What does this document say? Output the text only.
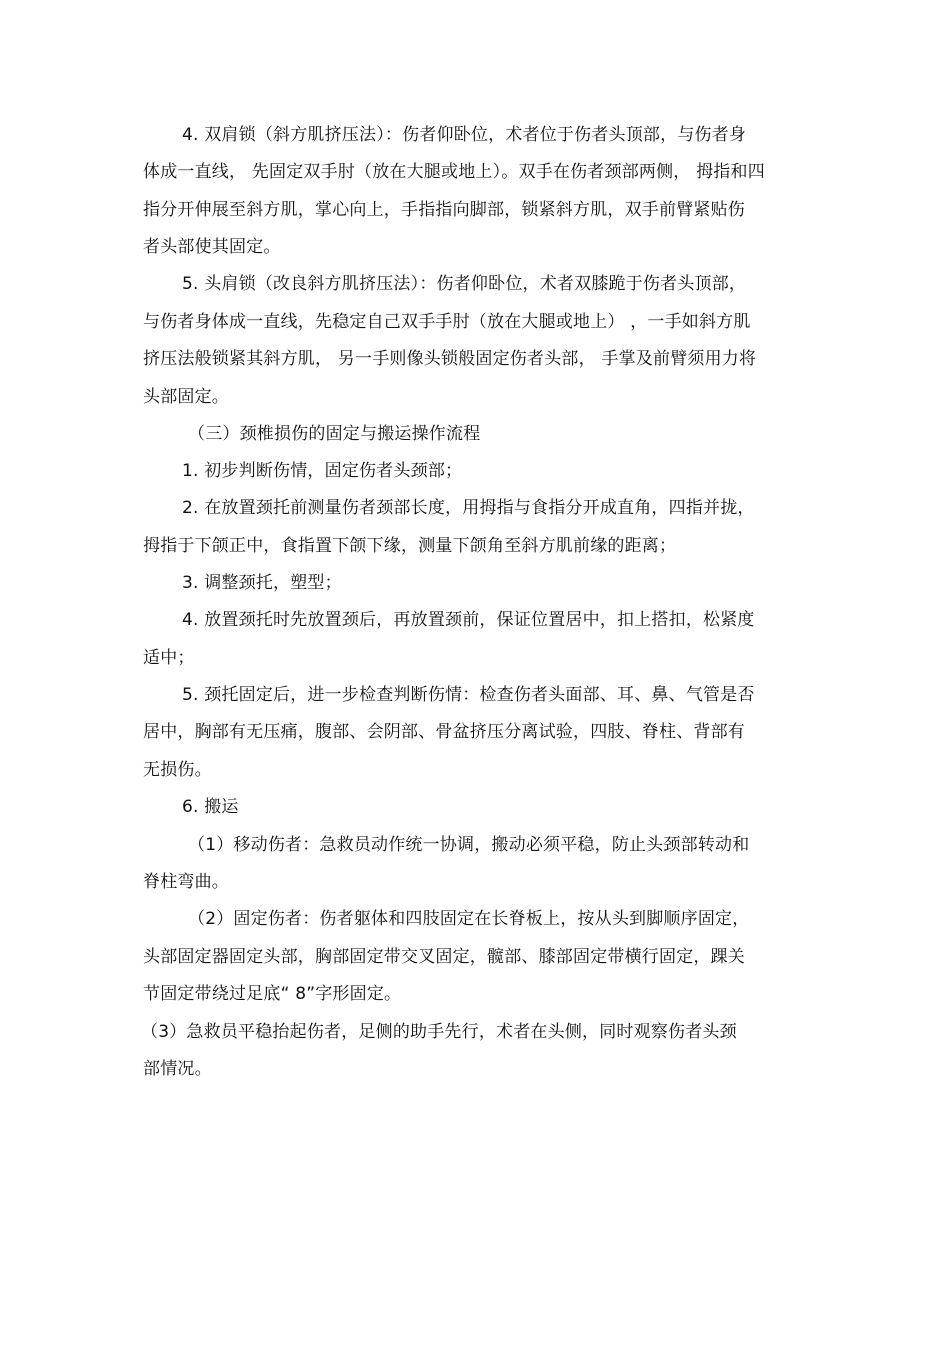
4. 双肩锁（斜方肌挤压法）：伤者仰卧位，术者位于伤者头顶部，与伤者身
体成一直线， 先固定双手肘（放在大腿或地上）。双手在伤者颈部两侧， 拇指和四
指分开伸展至斜方肌，掌心向上，手指指向脚部，锁紧斜方肌，双手前臂紧贴伤
者头部使其固定。
5. 头肩锁（改良斜方肌挤压法）：伤者仰卧位，术者双膝跪于伤者头顶部，
与伤者身体成一直线，先稳定自己双手手肘（放在大腿或地上） ，一手如斜方肌
挤压法般锁紧其斜方肌， 另一手则像头锁般固定伤者头部， 手掌及前臂须用力将
头部固定。
（三）颈椎损伤的固定与搬运操作流程
1. 初步判断伤情，固定伤者头颈部；
2. 在放置颈托前测量伤者颈部长度，用拇指与食指分开成直角，四指并拢，
拇指于下颌正中，食指置下颌下缘，测量下颌角至斜方肌前缘的距离；
3. 调整颈托，塑型；
4. 放置颈托时先放置颈后，再放置颈前，保证位置居中，扣上搭扣，松紧度
适中；
5. 颈托固定后，进一步检查判断伤情：检查伤者头面部、耳、鼻、气管是否
居中，胸部有无压痛，腹部、会阴部、骨盆挤压分离试验，四肢、脊柱、背部有
无损伤。
6. 搬运
（1）移动伤者：急救员动作统一协调，搬动必须平稳，防止头颈部转动和
脊柱弯曲。
（2）固定伤者：伤者躯体和四肢固定在长脊板上，按从头到脚顺序固定，
头部固定器固定头部，胸部固定带交叉固定，髋部、膝部固定带横行固定，踝关
节固定带绕过足底“ 8”字形固定。
（3）急救员平稳抬起伤者，足侧的助手先行，术者在头侧，同时观察伤者头颈
部情况。
